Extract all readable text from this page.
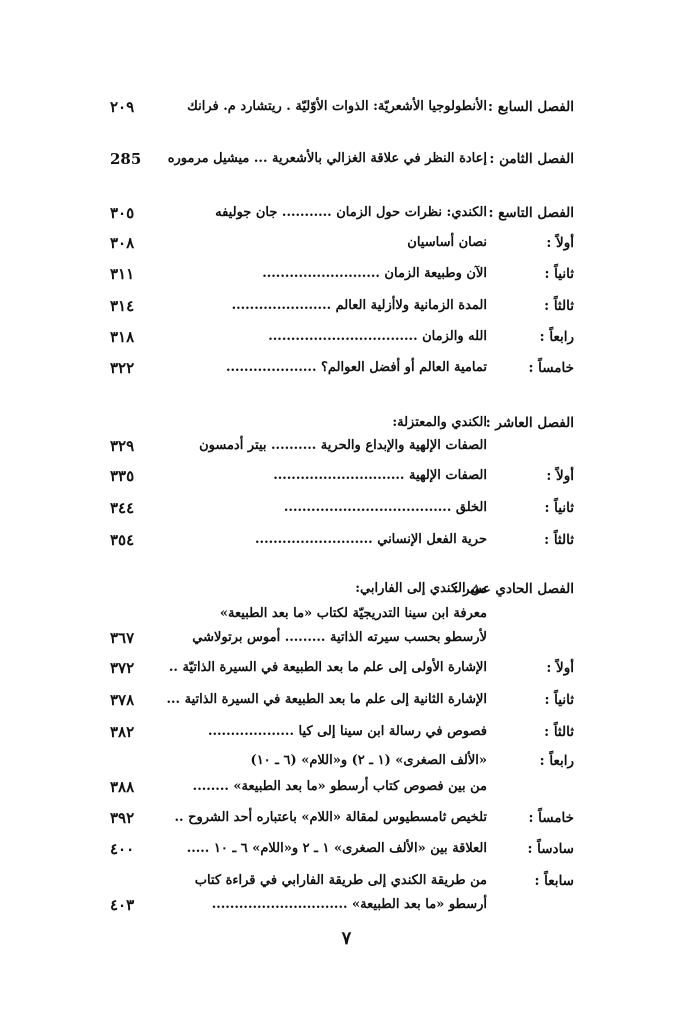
الفصل السابع :
الأنطولوجيا الأشعريّة: الذوات الأوّليّة . ريتشارد م. فرانك
٢٠٩
الفصل الثامن :
إعادة النظر في علاقة الغزالي بالأشعرية ... ميشيل مرموره
285
الفصل التاسع :
الكندي: نظرات حول الزمان ........... جان جوليفه
٣٠٥
أولاً :
نصان أساسيان
٣٠٨
ثانياً :
الآن وطبيعة الزمان ..........................
٣١١
ثالثاً :
المدة الزمانية ولاأزلية العالم ......................
٣١٤
رابعاً :
الله والزمان .................................
٣١٨
خامساً :
تمامية العالم أو أفضل العوالم؟ ....................
٣٢٢
الفصل العاشر :
الكندي والمعتزلة:
الصفات الإلهية والإبداع والحرية .......... بيتر أدمسون
٣٢٩
أولاً :
الصفات الإلهية .............................
٣٣٥
ثانياً :
الخلق .....................................
٣٤٤
ثالثاً :
حرية الفعل الإنساني ..........................
٣٥٤
الفصل الحادي عشر :
من الكندي إلى الفارابي:
معرفة ابن سينا التدريجيّة لكتاب «ما بعد الطبيعة»
لأرسطو بحسب سيرته الذاتية ......... أموس برتولاشي
٣٦٧
أولاً :
الإشارة الأولى إلى علم ما بعد الطبيعة في السيرة الذاتيّة ..
٣٧٢
ثانياً :
الإشارة الثانية إلى علم ما بعد الطبيعة في السيرة الذاتية ...
٣٧٨
ثالثاً :
فصوص في رسالة ابن سينا إلى كيا ...................
٣٨٢
رابعاً :
«الألف الصغرى» (١ ـ ٢) و«اللام» (٦ ـ ١٠)
من بين فصوص كتاب أرسطو «ما بعد الطبيعة» ........
٣٨٨
خامساً :
تلخيص ثامسطيوس لمقالة «اللام» باعتباره أحد الشروح ..
٣٩٢
سادساً :
العلاقة بين «الألف الصغرى» ١ ـ ٢ و«اللام» ٦ ـ ١٠ .....
٤٠٠
سابعاً :
من طريقة الكندي إلى طريقة الفارابي في قراءة كتاب
أرسطو «ما بعد الطبيعة» ..............................
٤٠٣
٧
